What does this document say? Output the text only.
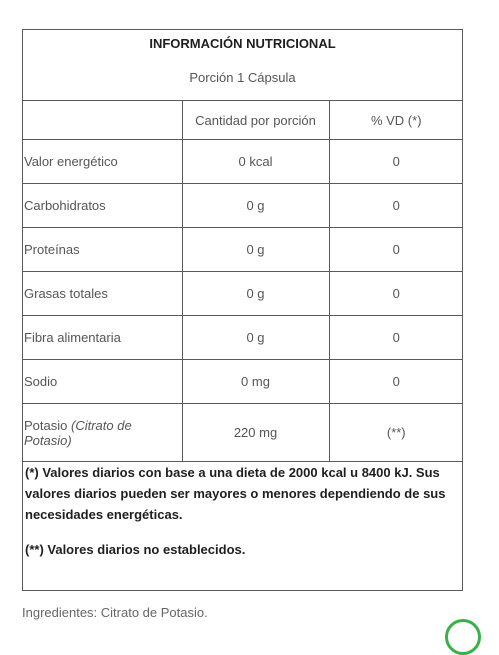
INFORMACIÓN NUTRICIONAL
Porción 1 Cápsula
	Cantidad por porción	% VD (*)
Valor energético	0 kcal	0
Carbohidratos	0 g	0
Proteínas	0 g	0
Grasas totales	0 g	0
Fibra alimentaria	0 g	0
Sodio	0 mg	0
Potasio (Citrato de Potasio)	220 mg	(**)

(*) Valores diarios con base a una dieta de 2000 kcal u 8400 kJ. Sus valores diarios pueden ser mayores o menores dependiendo de sus necesidades energéticas.

(**) Valores diarios no establecidos.

Ingredientes: Citrato de Potasio.
